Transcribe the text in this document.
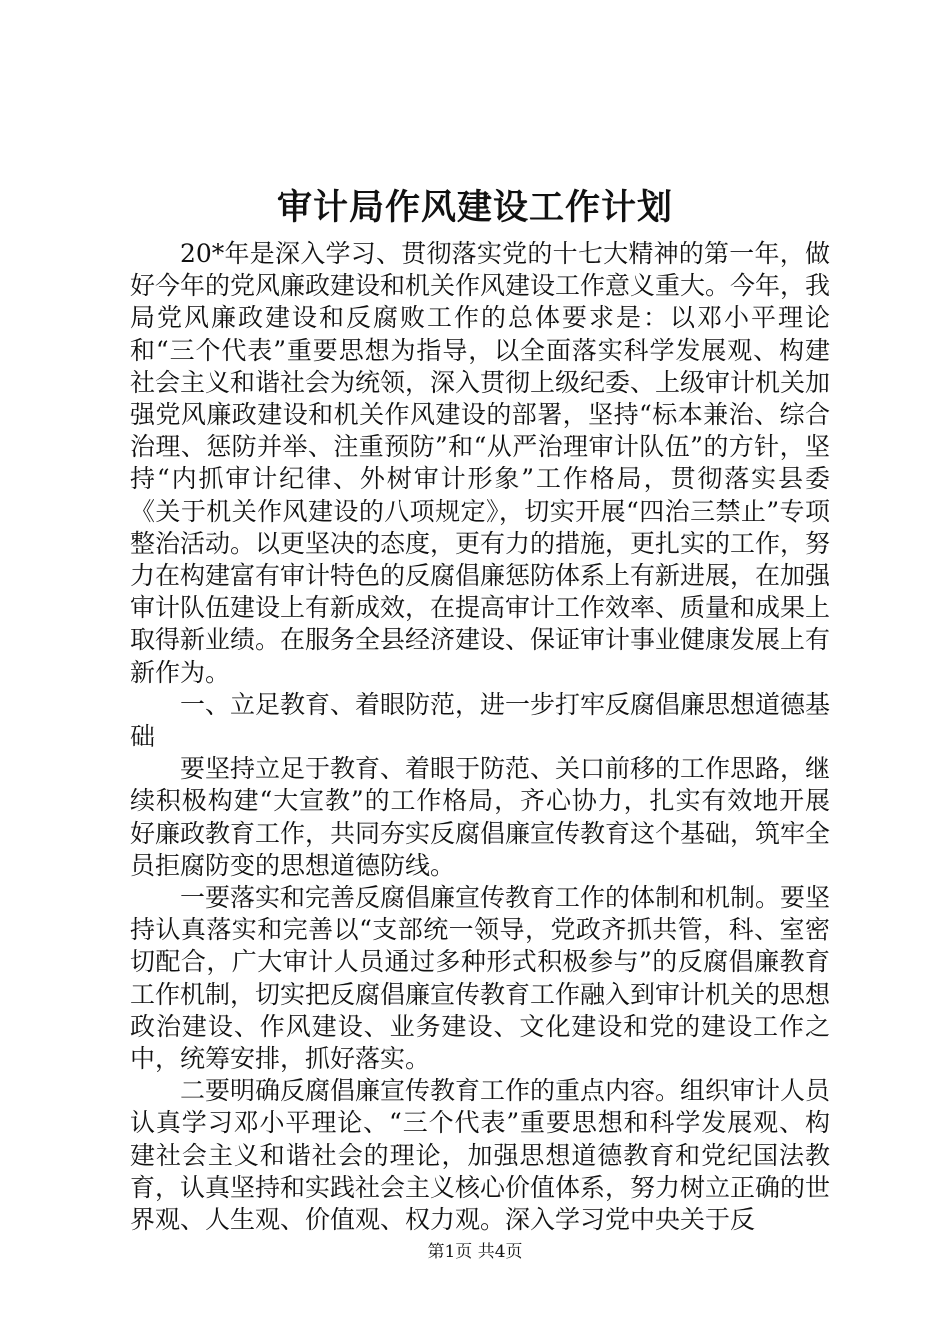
审计局作风建设工作计划

20*年是深入学习、贯彻落实党的十七大精神的第一年，做好今年的党风廉政建设和机关作风建设工作意义重大。今年，我局党风廉政建设和反腐败工作的总体要求是：以邓小平理论和“三个代表”重要思想为指导，以全面落实科学发展观、构建社会主义和谐社会为统领，深入贯彻上级纪委、上级审计机关加强党风廉政建设和机关作风建设的部署，坚持“标本兼治、综合治理、惩防并举、注重预防”和“从严治理审计队伍”的方针，坚持“内抓审计纪律、外树审计形象”工作格局，贯彻落实县委《关于机关作风建设的八项规定》，切实开展“四治三禁止”专项整治活动。以更坚决的态度，更有力的措施，更扎实的工作，努力在构建富有审计特色的反腐倡廉惩防体系上有新进展，在加强审计队伍建设上有新成效，在提高审计工作效率、质量和成果上取得新业绩。在服务全县经济建设、保证审计事业健康发展上有新作为。

一、立足教育、着眼防范，进一步打牢反腐倡廉思想道德基础

要坚持立足于教育、着眼于防范、关口前移的工作思路，继续积极构建“大宣教”的工作格局，齐心协力，扎实有效地开展好廉政教育工作，共同夯实反腐倡廉宣传教育这个基础，筑牢全员拒腐防变的思想道德防线。

一要落实和完善反腐倡廉宣传教育工作的体制和机制。要坚持认真落实和完善以“支部统一领导，党政齐抓共管，科、室密切配合，广大审计人员通过多种形式积极参与”的反腐倡廉教育工作机制，切实把反腐倡廉宣传教育工作融入到审计机关的思想政治建设、作风建设、业务建设、文化建设和党的建设工作之中，统筹安排，抓好落实。

二要明确反腐倡廉宣传教育工作的重点内容。组织审计人员认真学习邓小平理论、“三个代表”重要思想和科学发展观、构建社会主义和谐社会的理论，加强思想道德教育和党纪国法教育，认真坚持和实践社会主义核心价值体系，努力树立正确的世界观、人生观、价值观、权力观。深入学习党中央关于反

第1页 共4页
